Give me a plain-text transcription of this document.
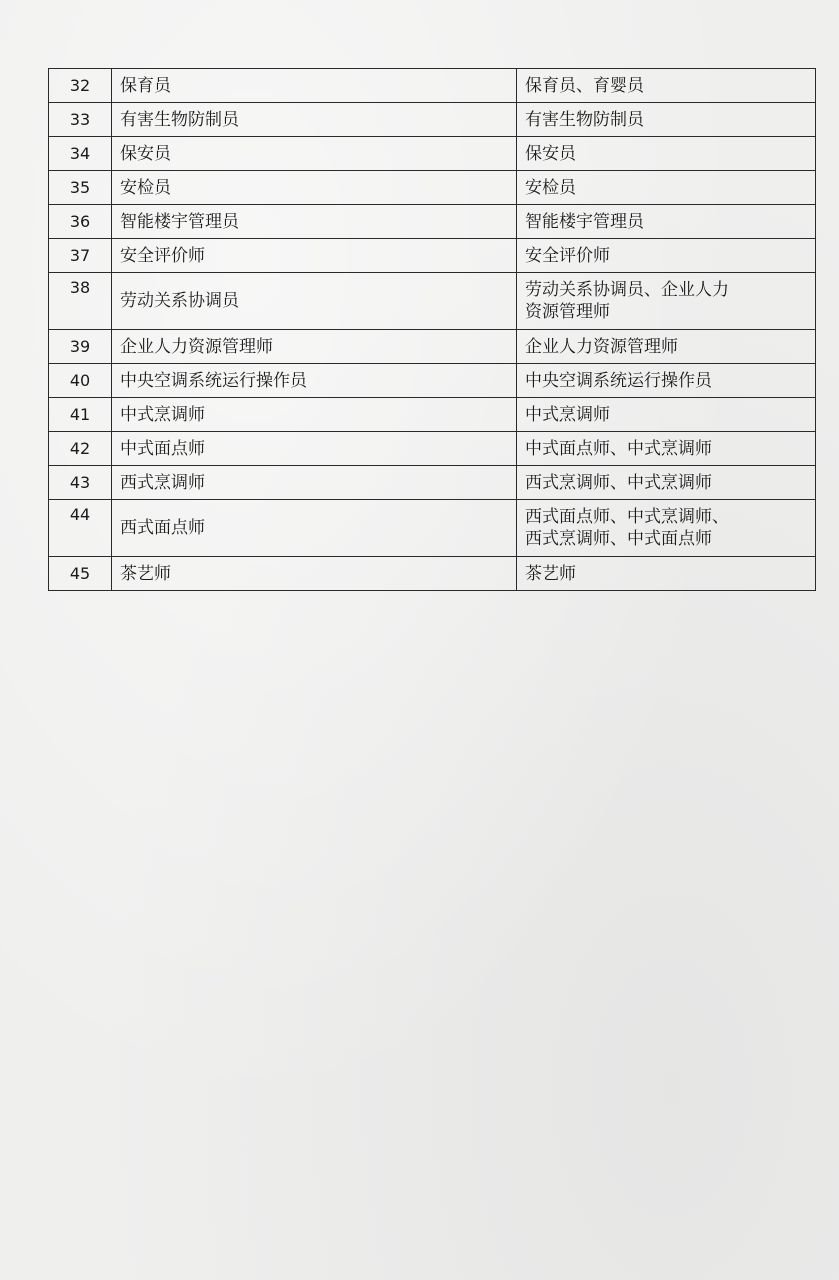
32	保育员	保育员、育婴员

33	有害生物防制员	有害生物防制员

34	保安员	保安员

35	安检员	安检员

36	智能楼宇管理员	智能楼宇管理员

37	安全评价师	安全评价师

38	劳动关系协调员	劳动关系协调员、企业人力
资源管理师

39	企业人力资源管理师	企业人力资源管理师

40	中央空调系统运行操作员	中央空调系统运行操作员

41	中式烹调师	中式烹调师

42	中式面点师	中式面点师、中式烹调师

43	西式烹调师	西式烹调师、中式烹调师

44	西式面点师	西式面点师、中式烹调师、
西式烹调师、中式面点师

45	茶艺师	茶艺师
